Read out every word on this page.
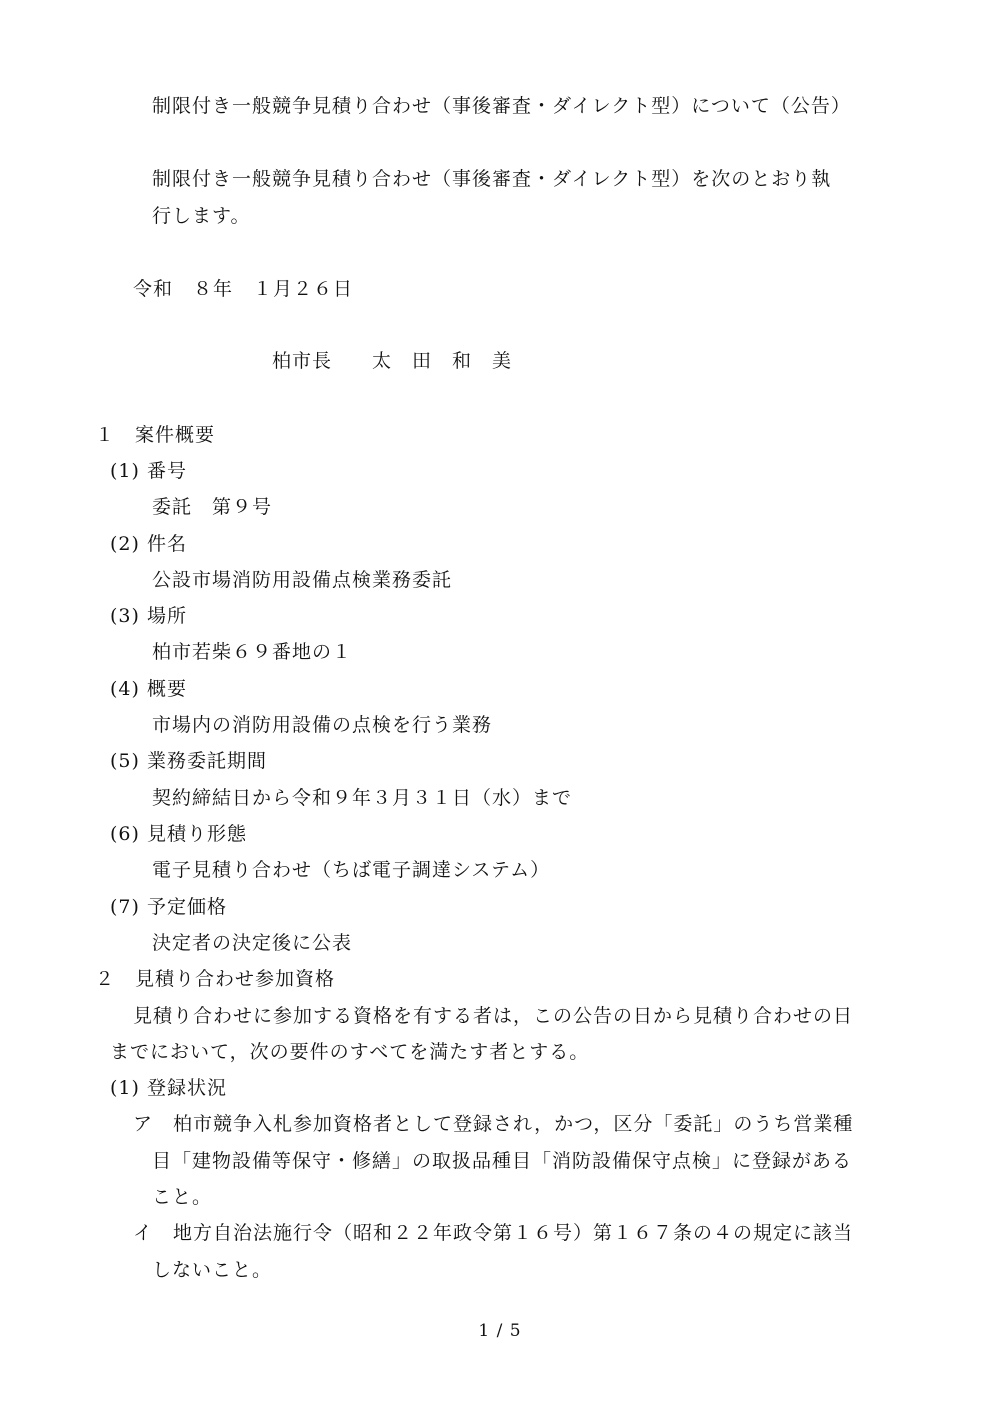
制限付き一般競争見積り合わせ（事後審査・ダイレクト型）について（公告）
制限付き一般競争見積り合わせ（事後審査・ダイレクト型）を次のとおり執
行します。
令和　８年　１月２６日
柏市長　　太　田　和　美
１　案件概要
(1) 番号
委託　第９号
(2) 件名
公設市場消防用設備点検業務委託
(3) 場所
柏市若柴６９番地の１
(4) 概要
市場内の消防用設備の点検を行う業務
(5) 業務委託期間
契約締結日から令和９年３月３１日（水）まで
(6) 見積り形態
電子見積り合わせ（ちば電子調達システム）
(7) 予定価格
決定者の決定後に公表
２　見積り合わせ参加資格
見積り合わせに参加する資格を有する者は，この公告の日から見積り合わせの日
までにおいて，次の要件のすべてを満たす者とする。
(1) 登録状況
ア　柏市競争入札参加資格者として登録され，かつ，区分「委託」のうち営業種
目「建物設備等保守・修繕」の取扱品種目「消防設備保守点検」に登録がある
こと。
イ　地方自治法施行令（昭和２２年政令第１６号）第１６７条の４の規定に該当
しないこと。
1 / 5
